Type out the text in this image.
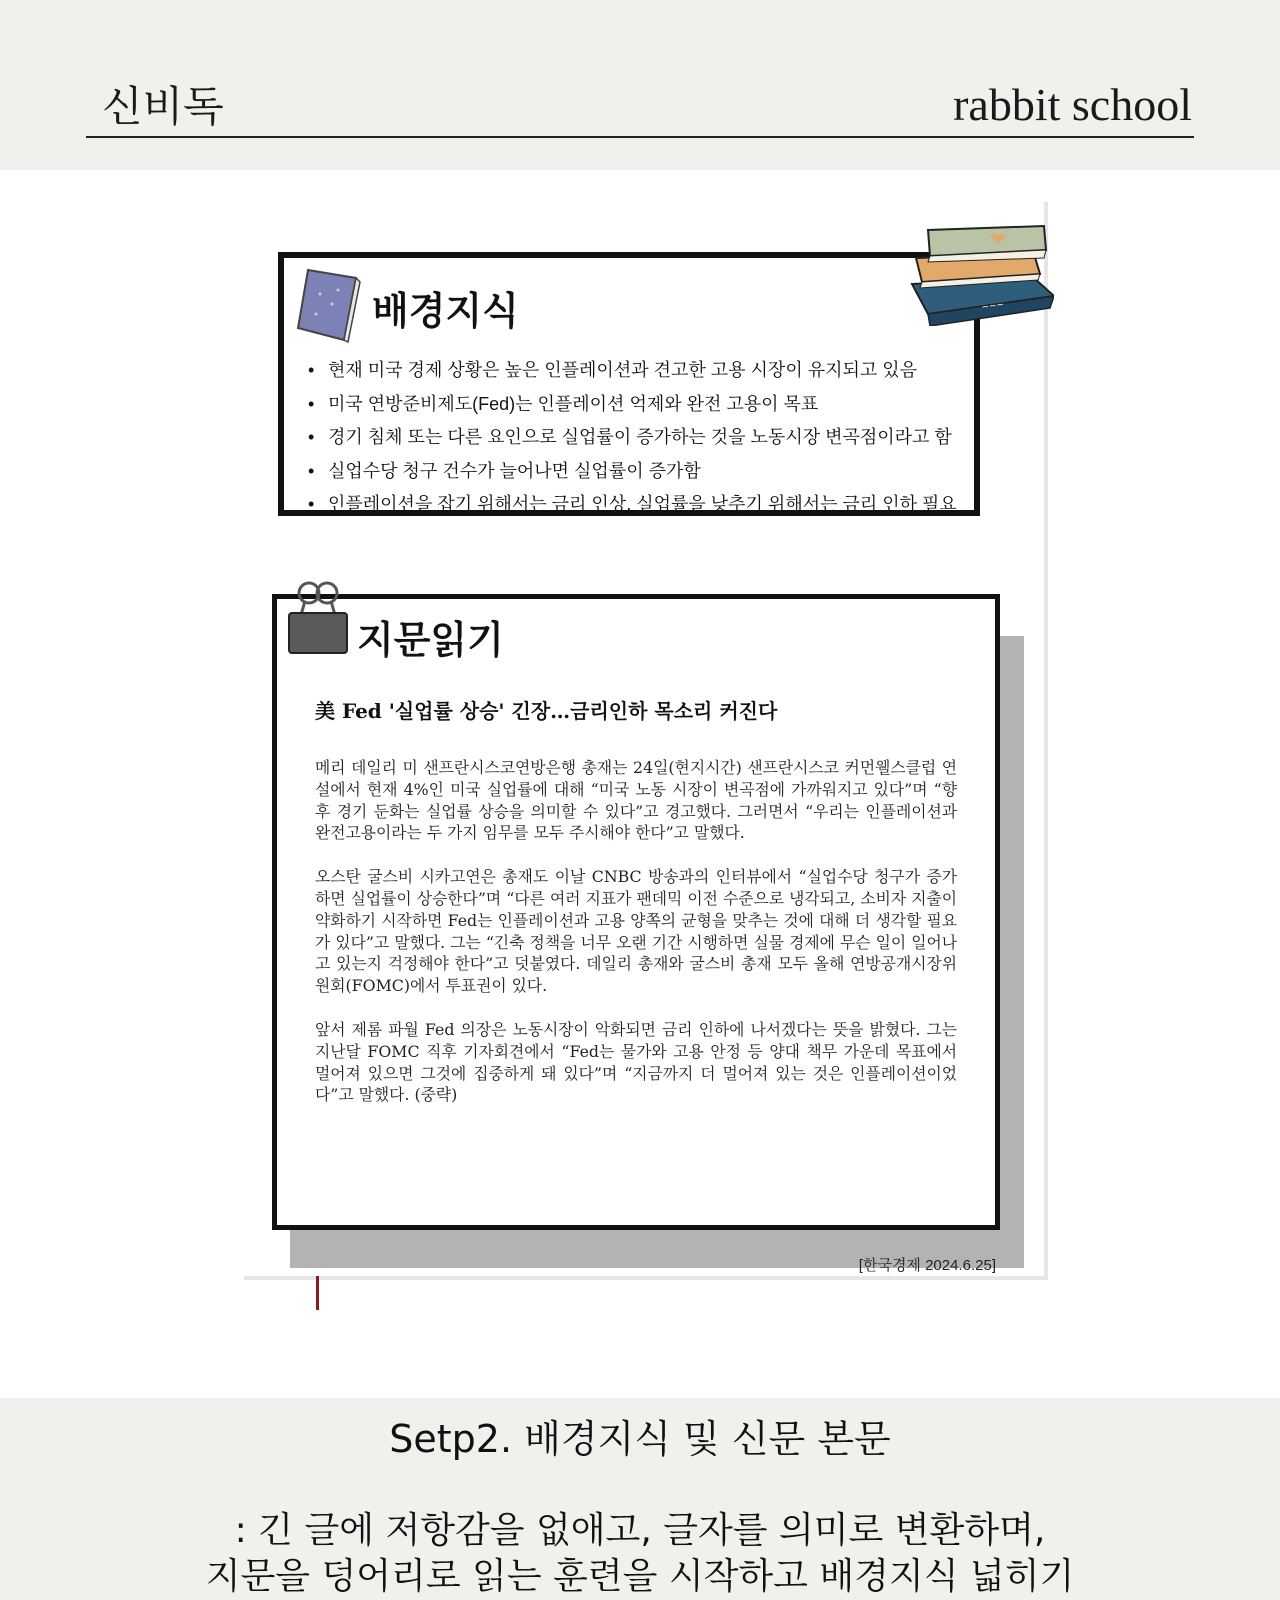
신비독	rabbit school
배경지식	~~~
• 현재 미국 경제 상황은 높은 인플레이션과 견고한 고용 시장이 유지되고 있음
• 미국 연방준비제도(Fed)는 인플레이션 억제와 완전 고용이 목표
• 경기 침체 또는 다른 요인으로 실업률이 증가하는 것을 노동시장 변곡점이라고 함
• 실업수당 청구 건수가 늘어나면 실업률이 증가함
• 인플레이션을 잡기 위해서는 금리 인상, 실업률을 낮추기 위해서는 금리 인하 필요
지문읽기
美 Fed '실업률 상승' 긴장…금리인하 목소리 커진다

메리 데일리 미 샌프란시스코연방은행 총재는 24일(현지시간) 샌프란시스코 커먼웰스클럽 연설에서 현재 4%인 미국 실업률에 대해 “미국 노동 시장이 변곡점에 가까워지고 있다”며 “향후 경기 둔화는 실업률 상승을 의미할 수 있다”고 경고했다. 그러면서 “우리는 인플레이션과 완전고용이라는 두 가지 임무를 모두 주시해야 한다”고 말했다.

오스탄 굴스비 시카고연은 총재도 이날 CNBC 방송과의 인터뷰에서 “실업수당 청구가 증가하면 실업률이 상승한다”며 “다른 여러 지표가 팬데믹 이전 수준으로 냉각되고, 소비자 지출이 약화하기 시작하면 Fed는 인플레이션과 고용 양쪽의 균형을 맞추는 것에 대해 더 생각할 필요가 있다”고 말했다. 그는 “긴축 정책을 너무 오랜 기간 시행하면 실물 경제에 무슨 일이 일어나고 있는지 걱정해야 한다”고 덧붙였다. 데일리 총재와 굴스비 총재 모두 올해 연방공개시장위원회(FOMC)에서 투표권이 있다.

앞서 제롬 파월 Fed 의장은 노동시장이 악화되면 금리 인하에 나서겠다는 뜻을 밝혔다. 그는 지난달 FOMC 직후 기자회견에서 “Fed는 물가와 고용 안정 등 양대 책무 가운데 목표에서 멀어져 있으면 그것에 집중하게 돼 있다”며 “지금까지 더 멀어져 있는 것은 인플레이션이었다”고 말했다. (중략)

[한국경제 2024.6.25]
Setp2. 배경지식 및 신문 본문
: 긴 글에 저항감을 없애고, 글자를 의미로 변환하며,
지문을 덩어리로 읽는 훈련을 시작하고 배경지식 넓히기
